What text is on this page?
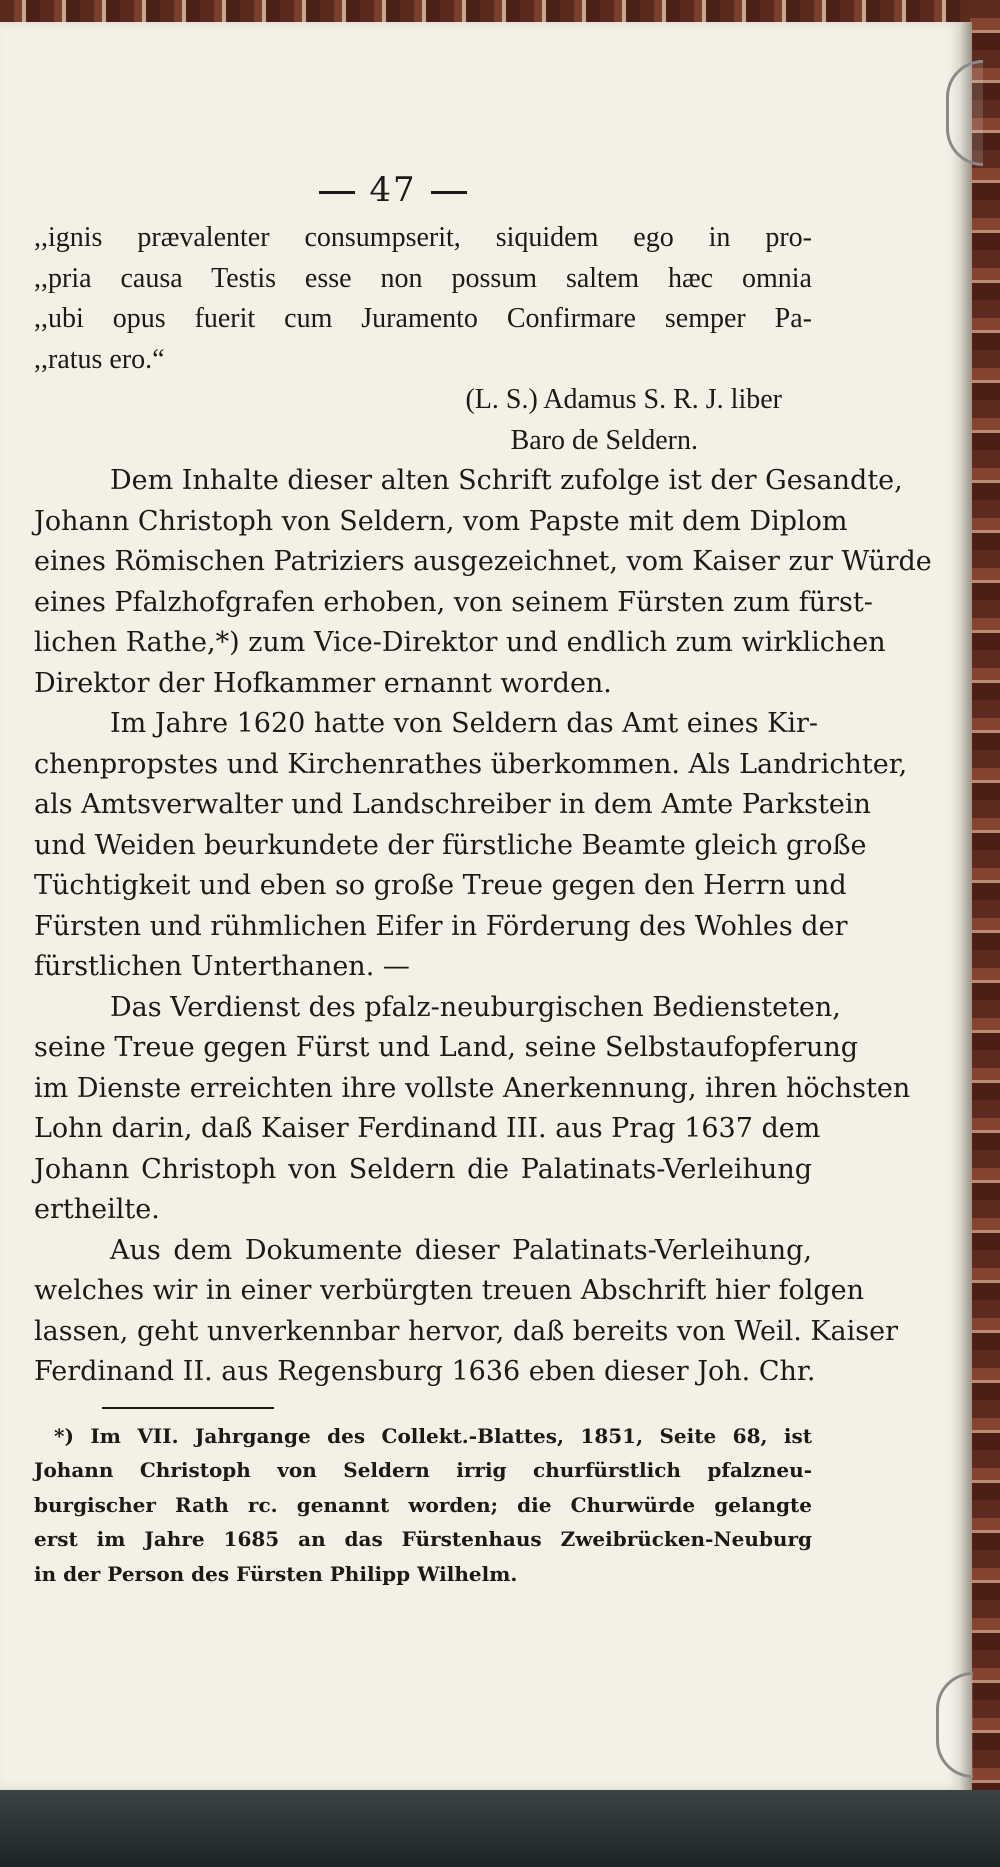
47
,,ignis prævalenter consumpserit, siquidem ego in pro-
,,pria causa Testis esse non possum saltem hæc omnia
,,ubi opus fuerit cum Juramento Confirmare semper Pa-
,,ratus ero.“
(L. S.) Adamus S. R. J. liber
Baro de Seldern.
Dem Inhalte dieser alten Schrift zufolge ist der Gesandte,
Johann Christoph von Seldern, vom Papste mit dem Diplom
eines Römischen Patriziers ausgezeichnet, vom Kaiser zur Würde
eines Pfalzhofgrafen erhoben, von seinem Fürsten zum fürst-
lichen Rathe,*) zum Vice-Direktor und endlich zum wirklichen
Direktor der Hofkammer ernannt worden.
Im Jahre 1620 hatte von Seldern das Amt eines Kir-
chenpropstes und Kirchenrathes überkommen. Als Landrichter,
als Amtsverwalter und Landschreiber in dem Amte Parkstein
und Weiden beurkundete der fürstliche Beamte gleich große
Tüchtigkeit und eben so große Treue gegen den Herrn und
Fürsten und rühmlichen Eifer in Förderung des Wohles der
fürstlichen Unterthanen. —
Das Verdienst des pfalz-neuburgischen Bediensteten,
seine Treue gegen Fürst und Land, seine Selbstaufopferung
im Dienste erreichten ihre vollste Anerkennung, ihren höchsten
Lohn darin, daß Kaiser Ferdinand III. aus Prag 1637 dem
Johann Christoph von Seldern die Palatinats-Verleihung
ertheilte.
Aus dem Dokumente dieser Palatinats-Verleihung,
welches wir in einer verbürgten treuen Abschrift hier folgen
lassen, geht unverkennbar hervor, daß bereits von Weil. Kaiser
Ferdinand II. aus Regensburg 1636 eben dieser Joh. Chr.
*) Im VII. Jahrgange des Collekt.-Blattes, 1851, Seite 68, ist
Johann Christoph von Seldern irrig churfürstlich pfalzneu-
burgischer Rath rc. genannt worden; die Churwürde gelangte
erst im Jahre 1685 an das Fürstenhaus Zweibrücken-Neuburg
in der Person des Fürsten Philipp Wilhelm.
